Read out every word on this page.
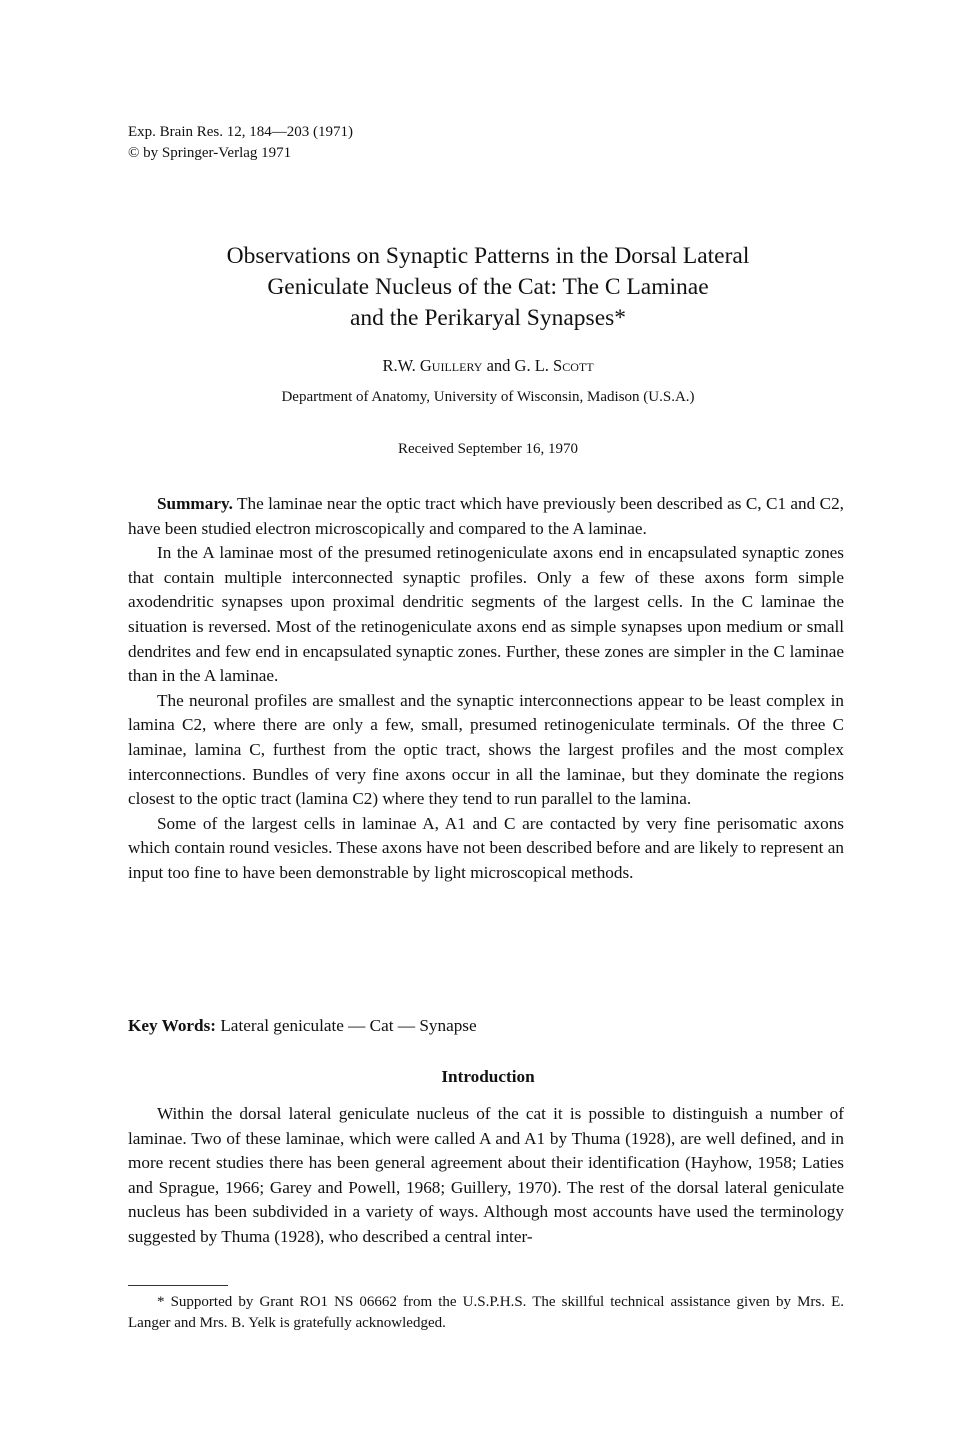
Exp. Brain Res. 12, 184—203 (1971)
© by Springer-Verlag 1971
Observations on Synaptic Patterns in the Dorsal Lateral
Geniculate Nucleus of the Cat: The C Laminae
and the Perikaryal Synapses*
R.W. Guillery and G. L. Scott
Department of Anatomy, University of Wisconsin, Madison (U.S.A.)
Received September 16, 1970

Summary. The laminae near the optic tract which have previously been described as C, C1 and C2, have been studied electron microscopically and compared to the A laminae.

In the A laminae most of the presumed retinogeniculate axons end in encapsulated synaptic zones that contain multiple interconnected synaptic profiles. Only a few of these axons form simple axodendritic synapses upon proximal dendritic segments of the largest cells. In the C laminae the situation is reversed. Most of the retinogeniculate axons end as simple synapses upon medium or small dendrites and few end in encapsulated synaptic zones. Further, these zones are simpler in the C laminae than in the A laminae.

The neuronal profiles are smallest and the synaptic interconnections appear to be least complex in lamina C2, where there are only a few, small, presumed retinogeniculate terminals. Of the three C laminae, lamina C, furthest from the optic tract, shows the largest profiles and the most complex interconnections. Bundles of very fine axons occur in all the laminae, but they dominate the regions closest to the optic tract (lamina C2) where they tend to run parallel to the lamina.

Some of the largest cells in laminae A, A1 and C are contacted by very fine perisomatic axons which contain round vesicles. These axons have not been described before and are likely to represent an input too fine to have been demonstrable by light microscopical methods.

Key Words: Lateral geniculate — Cat — Synapse
Introduction

Within the dorsal lateral geniculate nucleus of the cat it is possible to distinguish a number of laminae. Two of these laminae, which were called A and A1 by Thuma (1928), are well defined, and in more recent studies there has been general agreement about their identification (Hayhow, 1958; Laties and Sprague, 1966; Garey and Powell, 1968; Guillery, 1970). The rest of the dorsal lateral geniculate nucleus has been subdivided in a variety of ways. Although most accounts have used the terminology suggested by Thuma (1928), who described a central inter-

* Supported by Grant RO1 NS 06662 from the U.S.P.H.S. The skillful technical assistance given by Mrs. E. Langer and Mrs. B. Yelk is gratefully acknowledged.
